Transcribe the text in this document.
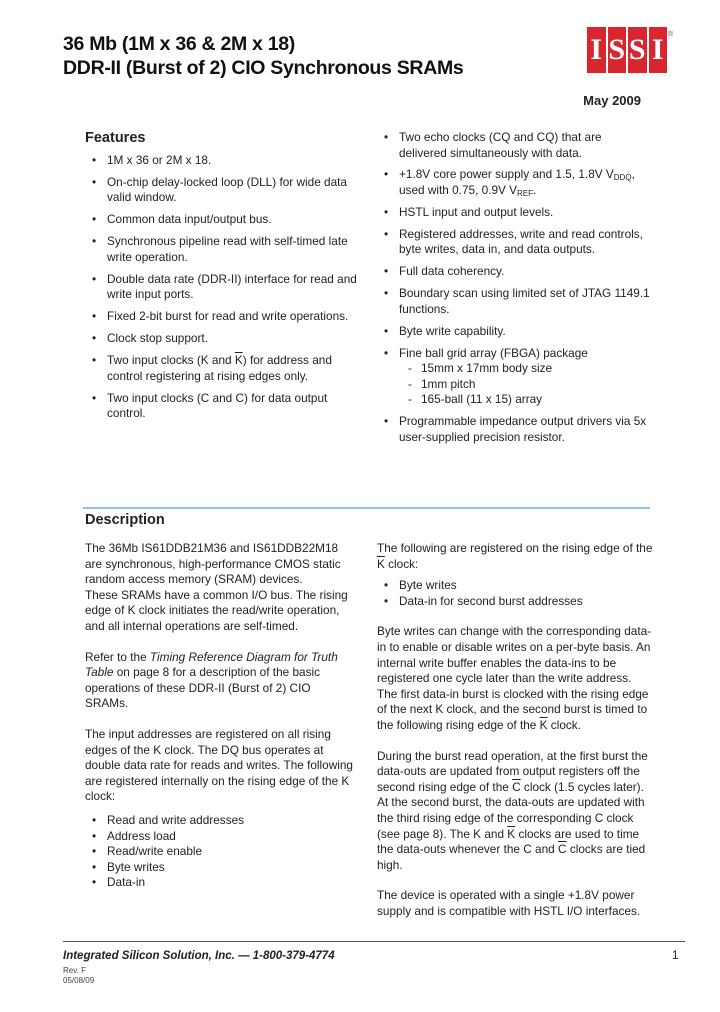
36 Mb (1M x 36 & 2M x 18)
DDR-II (Burst of 2) CIO Synchronous SRAMs
I S S I ®
May 2009
Features
• 1M x 36 or 2M x 18.
• On-chip delay-locked loop (DLL) for wide data valid window.
• Common data input/output bus.
• Synchronous pipeline read with self-timed late write operation.
• Double data rate (DDR-II) interface for read and write input ports.
• Fixed 2-bit burst for read and write operations.
• Clock stop support.
• Two input clocks (K and $\overline{K}$) for address and control registering at rising edges only.
• Two input clocks (C and C) for data output control.
• Two echo clocks (CQ and CQ) that are delivered simultaneously with data.
• +1.8V core power supply and 1.5, 1.8V $V_{DDQ}$, used with 0.75, 0.9V $V_{REF}$.
• HSTL input and output levels.
• Registered addresses, write and read controls, byte writes, data in, and data outputs.
• Full data coherency.
• Boundary scan using limited set of JTAG 1149.1 functions.
• Byte write capability.
• Fine ball grid array (FBGA) package
- 15mm x 17mm body size
- 1mm pitch
- 165-ball (11 x 15) array
• Programmable impedance output drivers via 5x user-supplied precision resistor.
Description

The 36Mb IS61DDB21M36 and IS61DDB22M18 are synchronous, high-performance CMOS static random access memory (SRAM) devices.

These SRAMs have a common I/O bus. The rising edge of K clock initiates the read/write operation, and all internal operations are self-timed.

Refer to the Timing Reference Diagram for Truth Table on page 8 for a description of the basic operations of these DDR-II (Burst of 2) CIO SRAMs.

The input addresses are registered on all rising edges of the K clock. The DQ bus operates at double data rate for reads and writes. The following are registered internally on the rising edge of the K clock:

• Read and write addresses
• Address load
• Read/write enable
• Byte writes
• Data-in

The following are registered on the rising edge of the $\overline{K}$ clock:

• Byte writes
• Data-in for second burst addresses

Byte writes can change with the corresponding data-in to enable or disable writes on a per-byte basis. An internal write buffer enables the data-ins to be registered one cycle later than the write address. The first data-in burst is clocked with the rising edge of the next K clock, and the second burst is timed to the following rising edge of the $\overline{K}$ clock.

During the burst read operation, at the first burst the data-outs are updated from output registers off the second rising edge of the $\overline{C}$ clock (1.5 cycles later). At the second burst, the data-outs are updated with the third rising edge of the corresponding C clock (see page 8). The K and $\overline{K}$ clocks are used to time the data-outs whenever the C and $\overline{C}$ clocks are tied high.

The device is operated with a single +1.8V power supply and is compatible with HSTL I/O interfaces.

Integrated Silicon Solution, Inc. — 1-800-379-4774
Rev. F
05/08/09
1
